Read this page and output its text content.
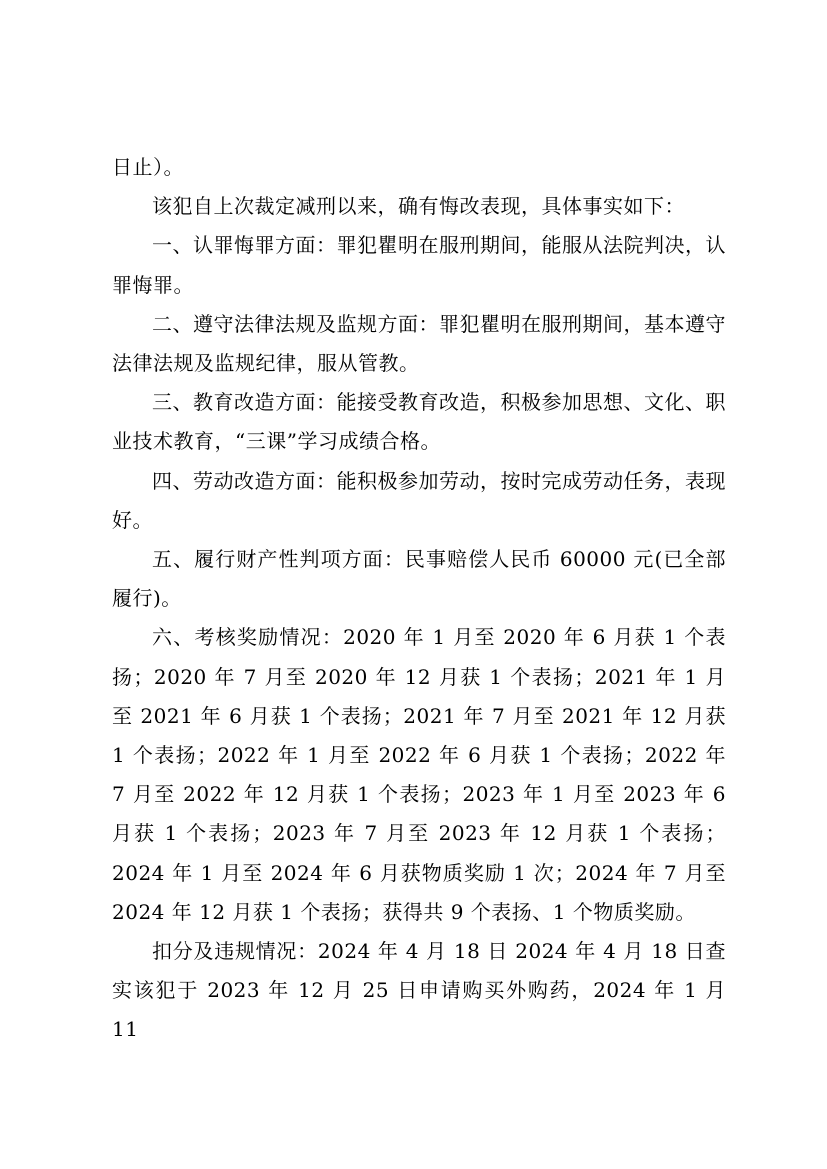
日止）。

该犯自上次裁定减刑以来，确有悔改表现，具体事实如下：

一、认罪悔罪方面：罪犯瞿明在服刑期间，能服从法院判决，认罪悔罪。

二、遵守法律法规及监规方面：罪犯瞿明在服刑期间，基本遵守法律法规及监规纪律，服从管教。

三、教育改造方面：能接受教育改造，积极参加思想、文化、职业技术教育，“三课”学习成绩合格。

四、劳动改造方面：能积极参加劳动，按时完成劳动任务，表现好。

五、履行财产性判项方面：民事赔偿人民币 60000 元(已全部履行)。

六、考核奖励情况：2020 年 1 月至 2020 年 6 月获 1 个表扬；2020 年 7 月至 2020 年 12 月获 1 个表扬；2021 年 1 月至 2021 年 6 月获 1 个表扬；2021 年 7 月至 2021 年 12 月获 1 个表扬；2022 年 1 月至 2022 年 6 月获 1 个表扬；2022 年 7 月至 2022 年 12 月获 1 个表扬；2023 年 1 月至 2023 年 6 月获 1 个表扬；2023 年 7 月至 2023 年 12 月获 1 个表扬；2024 年 1 月至 2024 年 6 月获物质奖励 1 次；2024 年 7 月至 2024 年 12 月获 1 个表扬；获得共 9 个表扬、1 个物质奖励。

扣分及违规情况：2024 年 4 月 18 日 2024 年 4 月 18 日查实该犯于 2023 年 12 月 25 日申请购买外购药，2024 年 1 月 11
